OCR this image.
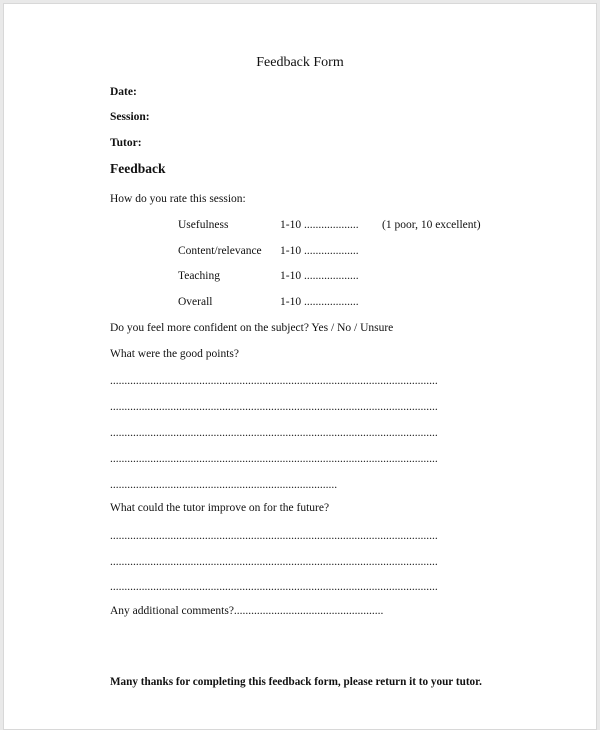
Feedback Form
Date:
Session:
Tutor:
Feedback
How do you rate this session:
Usefulness	1-10 ................... (1 poor, 10 excellent)
Content/relevance 1-10 ...................
Teaching	1-10 ...................
Overall	1-10 ...................
Do you feel more confident on the subject? Yes / No / Unsure
What were the good points?
..................................................................................................................
..................................................................................................................
..................................................................................................................
..................................................................................................................
...............................................................................
What could the tutor improve on for the future?
..................................................................................................................
..................................................................................................................
..................................................................................................................
Any additional comments?....................................................
Many thanks for completing this feedback form, please return it to your tutor.
